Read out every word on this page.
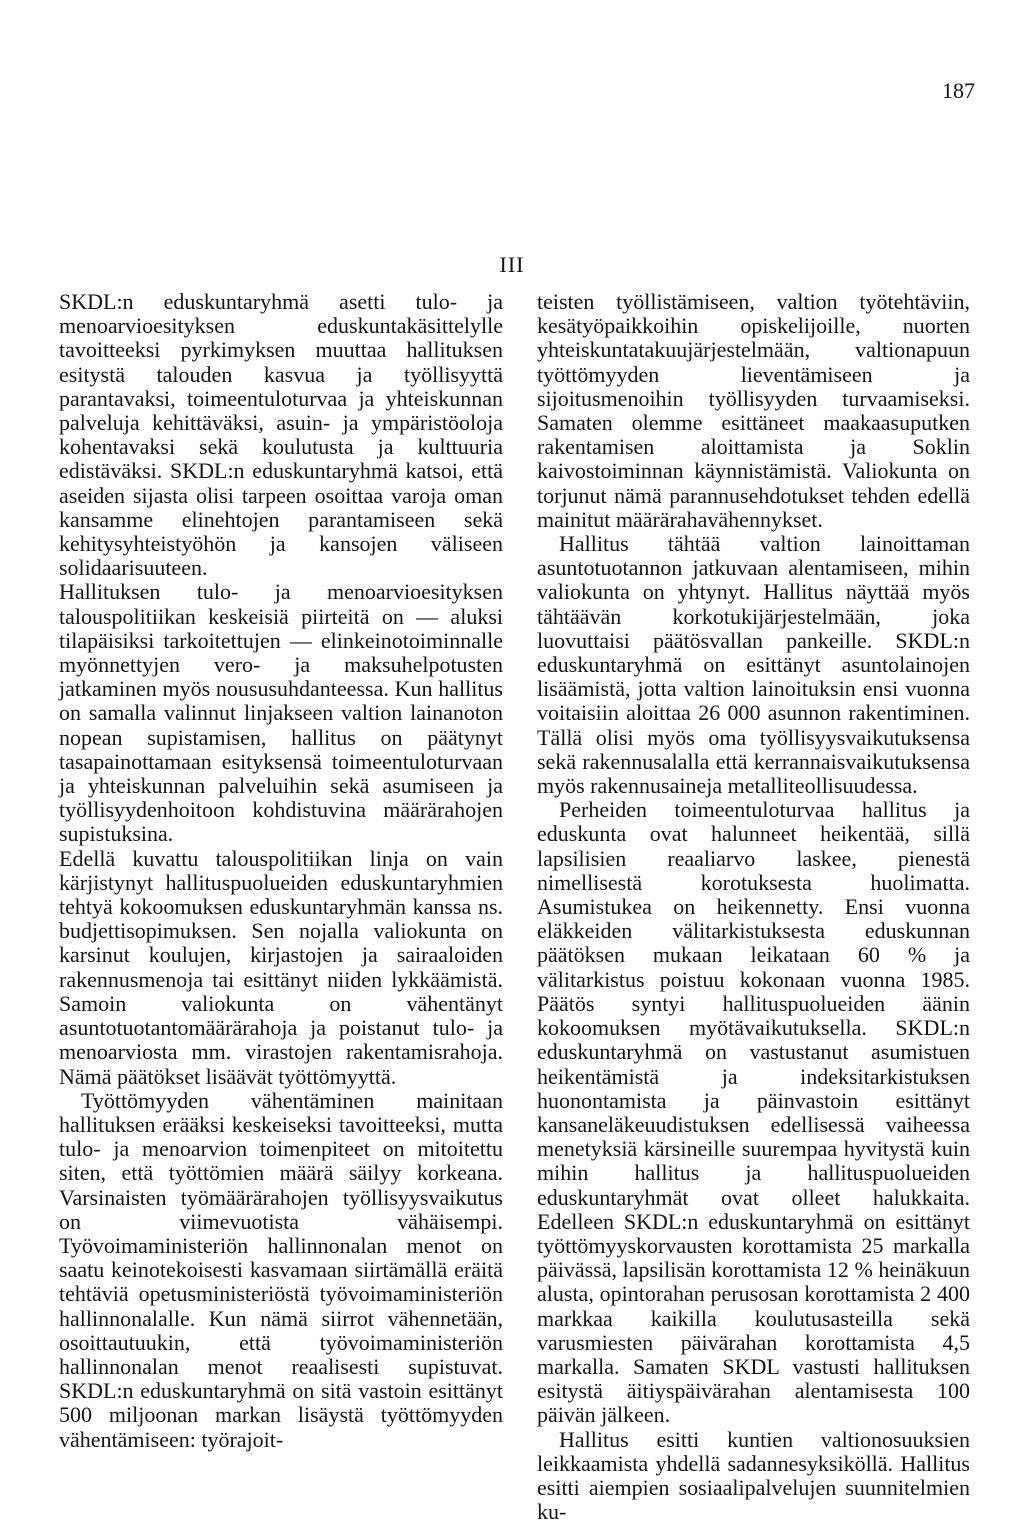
187
III

SKDL:n eduskuntaryhmä asetti tulo- ja menoarvioesityksen eduskuntakäsittelylle tavoitteeksi pyrkimyksen muuttaa hallituksen esitystä talouden kasvua ja työllisyyttä parantavaksi, toimeentuloturvaa ja yhteiskunnan palveluja kehittäväksi, asuin- ja ympäristöoloja kohentavaksi sekä koulutusta ja kulttuuria edistäväksi. SKDL:n eduskuntaryhmä katsoi, että aseiden sijasta olisi tarpeen osoittaa varoja oman kansamme elinehtojen parantamiseen sekä kehitysyhteistyöhön ja kansojen väliseen solidaarisuuteen.

Hallituksen tulo- ja menoarvioesityksen talouspolitiikan keskeisiä piirteitä on — aluksi tilapäisiksi tarkoitettujen — elinkeinotoiminnalle myönnettyjen vero- ja maksuhelpotusten jatkaminen myös noususuhdanteessa. Kun hallitus on samalla valinnut linjakseen valtion lainanoton nopean supistamisen, hallitus on päätynyt tasapainottamaan esityksensä toimeentuloturvaan ja yhteiskunnan palveluihin sekä asumiseen ja työllisyydenhoitoon kohdistuvina määrärahojen supistuksina.

Edellä kuvattu talouspolitiikan linja on vain kärjistynyt hallituspuolueiden eduskuntaryhmien tehtyä kokoomuksen eduskuntaryhmän kanssa ns. budjettisopimuksen. Sen nojalla valiokunta on karsinut koulujen, kirjastojen ja sairaaloiden rakennusmenoja tai esittänyt niiden lykkäämistä. Samoin valiokunta on vähentänyt asuntotuotantomäärärahoja ja poistanut tulo- ja menoarviosta mm. virastojen rakentamisrahoja. Nämä päätökset lisäävät työttömyyttä.

Työttömyyden vähentäminen mainitaan hallituksen erääksi keskeiseksi tavoitteeksi, mutta tulo- ja menoarvion toimenpiteet on mitoitettu siten, että työttömien määrä säilyy korkeana. Varsinaisten työmäärärahojen työllisyysvaikutus on viimevuotista vähäisempi. Työvoimaministeriön hallinnonalan menot on saatu keinotekoisesti kasvamaan siirtämällä eräitä tehtäviä opetusministeriöstä työvoimaministeriön hallinnonalalle. Kun nämä siirrot vähennetään, osoittautuukin, että työvoimaministeriön hallinnonalan menot reaalisesti supistuvat. SKDL:n eduskuntaryhmä on sitä vastoin esittänyt 500 miljoonan markan lisäystä työttömyyden vähentämiseen: työrajoit-

teisten työllistämiseen, valtion työtehtäviin, kesätyöpaikkoihin opiskelijoille, nuorten yhteiskuntatakuujärjestelmään, valtionapuun työttömyyden lieventämiseen ja sijoitusmenoihin työllisyyden turvaamiseksi. Samaten olemme esittäneet maakaasuputken rakentamisen aloittamista ja Soklin kaivostoiminnan käynnistämistä. Valiokunta on torjunut nämä parannusehdotukset tehden edellä mainitut määrärahavähennykset.

Hallitus tähtää valtion lainoittaman asuntotuotannon jatkuvaan alentamiseen, mihin valiokunta on yhtynyt. Hallitus näyttää myös tähtäävän korkotukijärjestelmään, joka luovuttaisi päätösvallan pankeille. SKDL:n eduskuntaryhmä on esittänyt asuntolainojen lisäämistä, jotta valtion lainoituksin ensi vuonna voitaisiin aloittaa 26 000 asunnon rakentiminen. Tällä olisi myös oma työllisyysvaikutuksensa sekä rakennusalalla että kerrannaisvaikutuksensa myös rakennusaineja metalliteollisuudessa.

Perheiden toimeentuloturvaa hallitus ja eduskunta ovat halunneet heikentää, sillä lapsilisien reaaliarvo laskee, pienestä nimellisestä korotuksesta huolimatta. Asumistukea on heikennetty. Ensi vuonna eläkkeiden välitarkistuksesta eduskunnan päätöksen mukaan leikataan 60 % ja välitarkistus poistuu kokonaan vuonna 1985. Päätös syntyi hallituspuolueiden äänin kokoomuksen myötävaikutuksella. SKDL:n eduskuntaryhmä on vastustanut asumistuen heikentämistä ja indeksitarkistuksen huonontamista ja päinvastoin esittänyt kansaneläkeuudistuksen edellisessä vaiheessa menetyksiä kärsineille suurempaa hyvitystä kuin mihin hallitus ja hallituspuolueiden eduskuntaryhmät ovat olleet halukkaita. Edelleen SKDL:n eduskuntaryhmä on esittänyt työttömyyskorvausten korottamista 25 markalla päivässä, lapsilisän korottamista 12 % heinäkuun alusta, opintorahan perusosan korottamista 2 400 markkaa kaikilla koulutusasteilla sekä varusmiesten päivärahan korottamista 4,5 markalla. Samaten SKDL vastusti hallituksen esitystä äitiyspäivärahan alentamisesta 100 päivän jälkeen.

Hallitus esitti kuntien valtionosuuksien leikkaamista yhdellä sadannesyksiköllä. Hallitus esitti aiempien sosiaalipalvelujen suunnitelmien ku-
